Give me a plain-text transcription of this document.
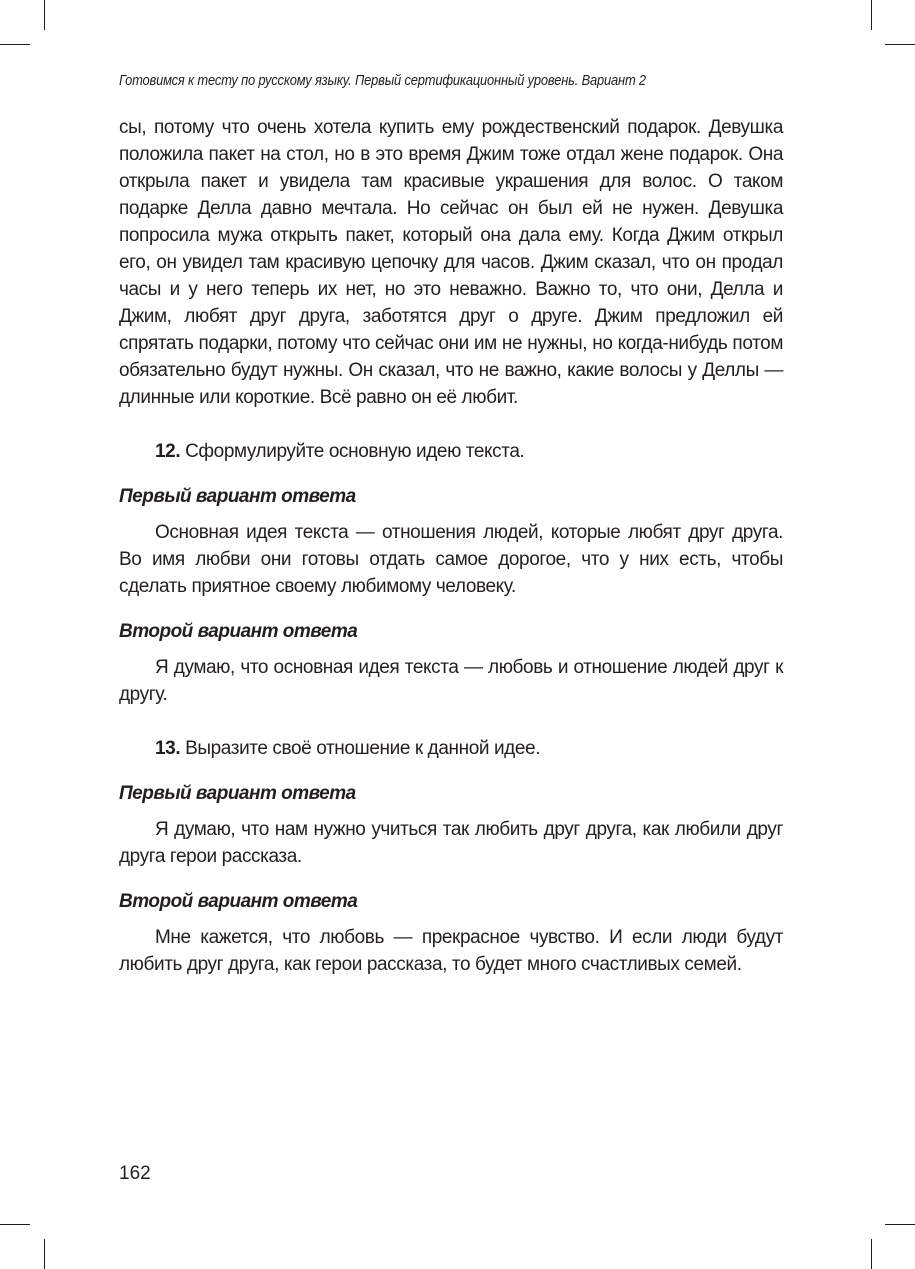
Готовимся к тесту по русскому языку. Первый сертификационный уровень. Вариант 2

сы, потому что очень хотела купить ему рождественский подарок. Девушка положила пакет на стол, но в это время Джим тоже отдал жене подарок. Она открыла пакет и увидела там красивые украшения для волос. О таком подарке Делла давно мечтала. Но сейчас он был ей не нужен. Девушка попросила мужа открыть пакет, который она дала ему. Когда Джим открыл его, он увидел там красивую цепочку для часов. Джим сказал, что он продал часы и у него теперь их нет, но это неважно. Важно то, что они, Делла и Джим, любят друг друга, заботятся друг о друге. Джим предложил ей спрятать подарки, потому что сейчас они им не нужны, но когда-нибудь потом обязательно будут нужны. Он сказал, что не важно, какие волосы у Деллы — длинные или короткие. Всё равно он её любит.

12. Сформулируйте основную идею текста.

Первый вариант ответа

Основная идея текста — отношения людей, которые любят друг друга. Во имя любви они готовы отдать самое дорогое, что у них есть, чтобы сделать приятное своему любимому человеку.

Второй вариант ответа

Я думаю, что основная идея текста — любовь и отношение людей друг к другу.

13. Выразите своё отношение к данной идее.

Первый вариант ответа

Я думаю, что нам нужно учиться так любить друг друга, как любили друг друга герои рассказа.

Второй вариант ответа

Мне кажется, что любовь — прекрасное чувство. И если люди будут любить друг друга, как герои рассказа, то будет много счастливых семей.

162
